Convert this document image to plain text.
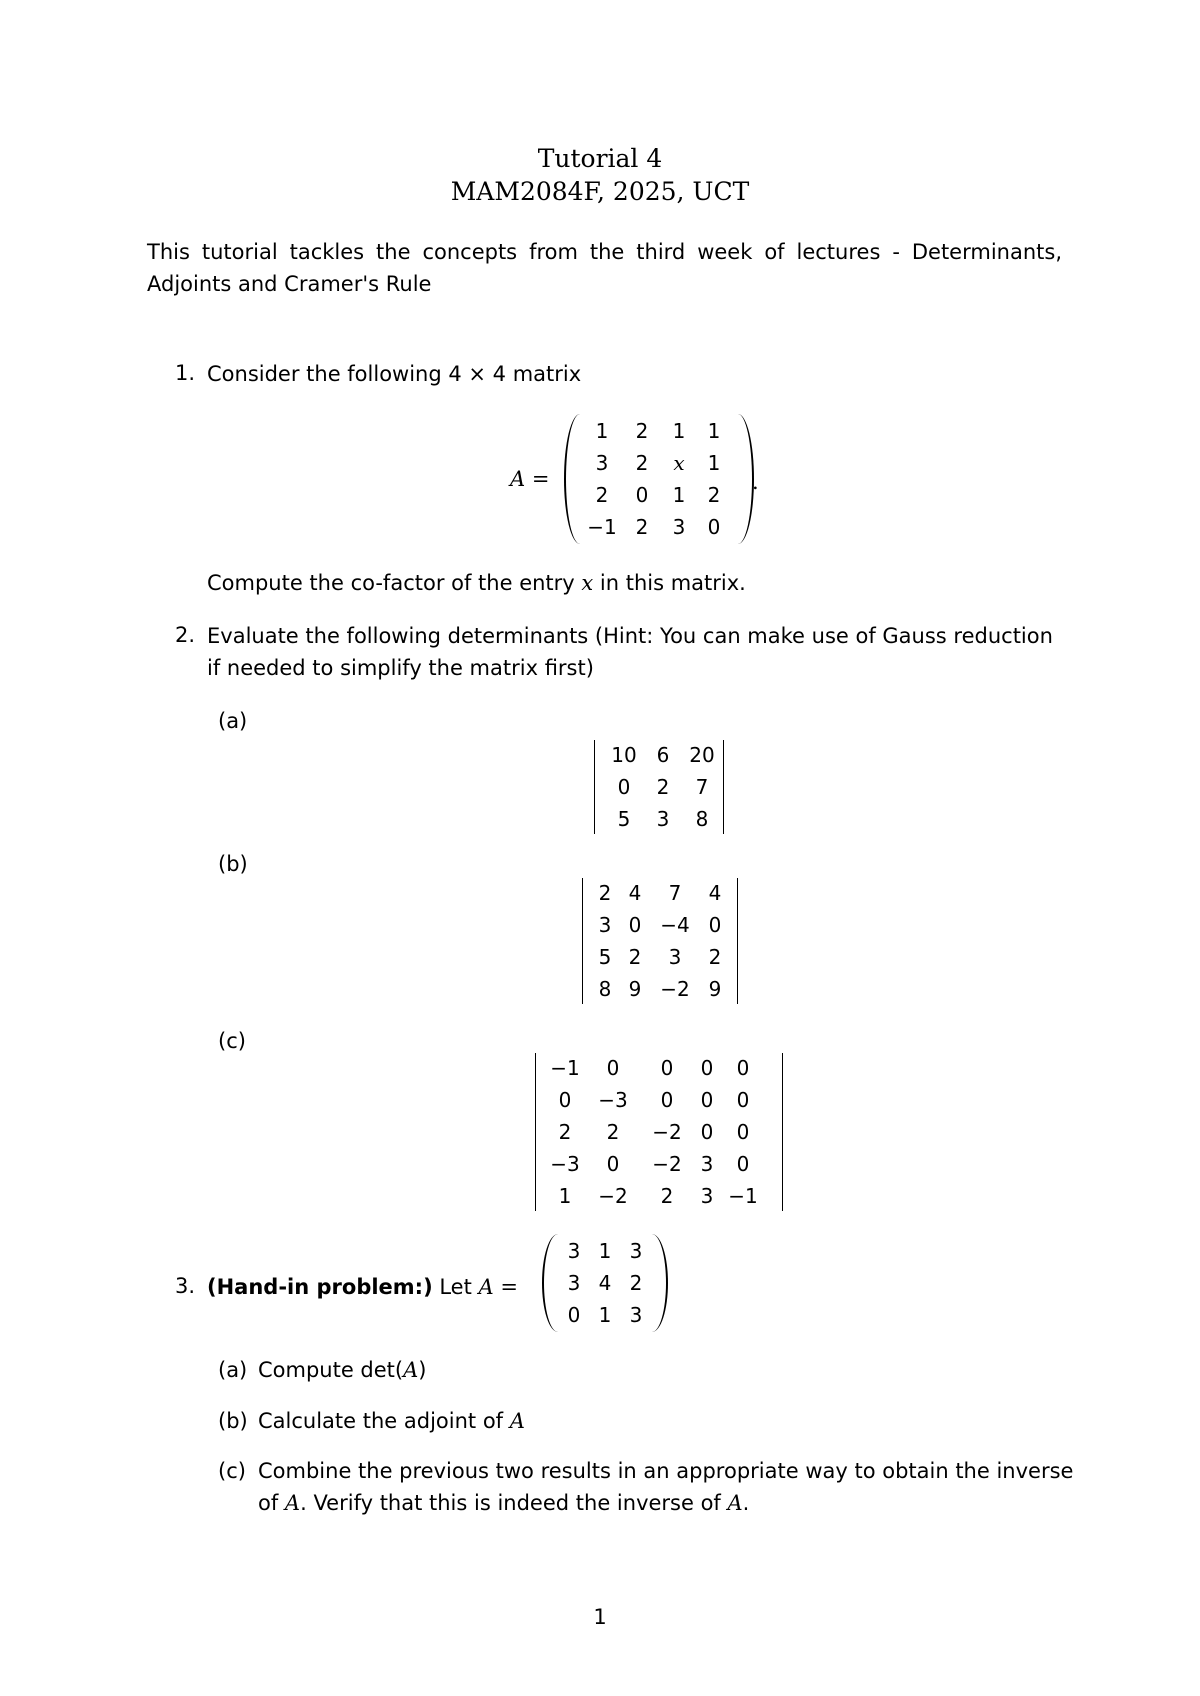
Tutorial 4
MAM2084F, 2025, UCT
This tutorial tackles the concepts from the third week of lectures - Determinants, Adjoints and Cramer's Rule
1. Consider the following 4 × 4 matrix
A =
1	2	1	1
3	2	x	1
2	0	1	2
−1	2	3	0
.
Compute the co-factor of the entry x in this matrix.
2. Evaluate the following determinants (Hint: You can make use of Gauss reduction
if needed to simplify the matrix first)
(a)
10	6	20
0	2	7
5	3	8
(b)
2	4	7	4
3	0	−4	0
5	2	3	2
8	9	−2	9
(c)
−1	0	0	0	0
0	−3	0	0	0
2	2	−2	0	0
−3	0	−2	3	0
1	−2	2	3	−1
3. (Hand-in problem:) Let A =
3	1	3
3	4	2
0	1	3
(a) Compute det(A)
(b) Calculate the adjoint of A
(c) Combine the previous two results in an appropriate way to obtain the inverse
of A. Verify that this is indeed the inverse of A.
1
